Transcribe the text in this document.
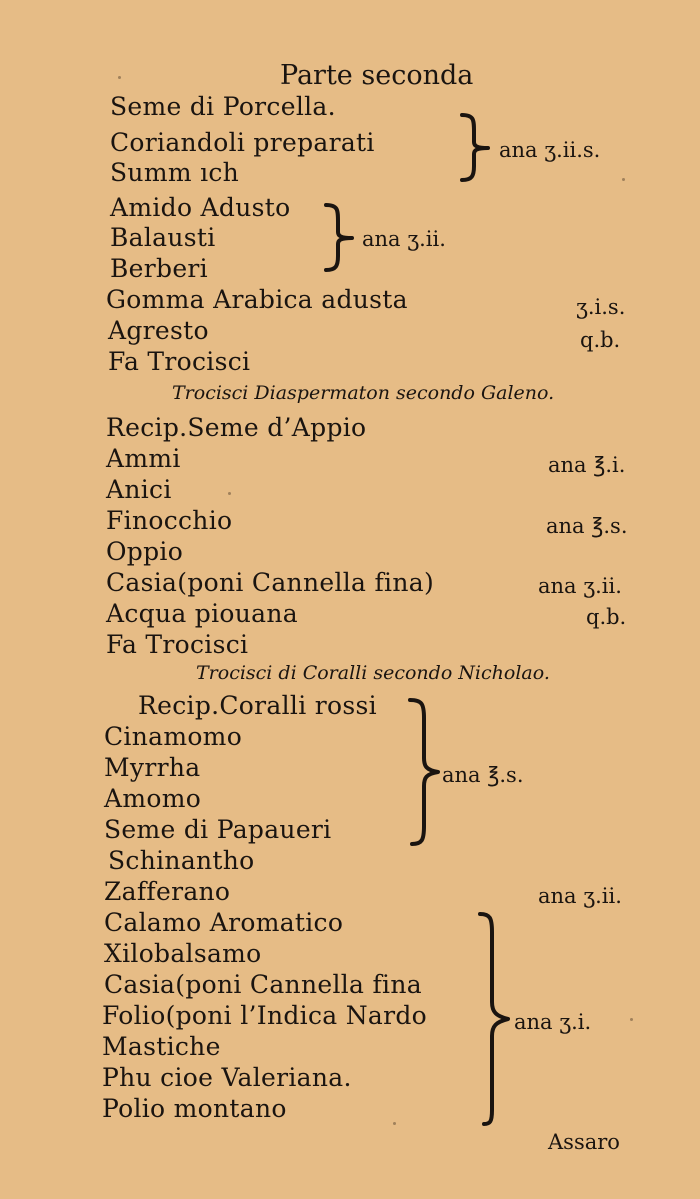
Parte seconda
Seme di Porcella.
Coriandoli preparati
Summ ıch
Amido Adusto
Balausti
Berberi
Gomma Arabica adusta
Agresto
Fa Trocisci
ana ʒ.ii.s.
ana ʒ.ii.
ʒ.i.s.
q.b.
Trocisci Diaspermaton secondo Galeno.
Recip.Seme d’Appio
Ammi
Anici
Finocchio
Oppio
Casia(poni Cannella fina)
Acqua piouana
Fa Trocisci
ana ℥.i.
ana ℥.s.
ana ʒ.ii.
q.b.
Trocisci di Coralli secondo Nicholao.
Recip.Coralli rossi
Cinamomo
Myrrha
Amomo
Seme di Papaueri
Schinantho
Zafferano
Calamo Aromatico
Xilobalsamo
Casia(poni Cannella fina
Folio(poni l’Indica Nardo
Mastiche
Phu cioe Valeriana.
Polio montano
ana ℥.s.
ana ʒ.ii.
ana ʒ.i.
Assaro
